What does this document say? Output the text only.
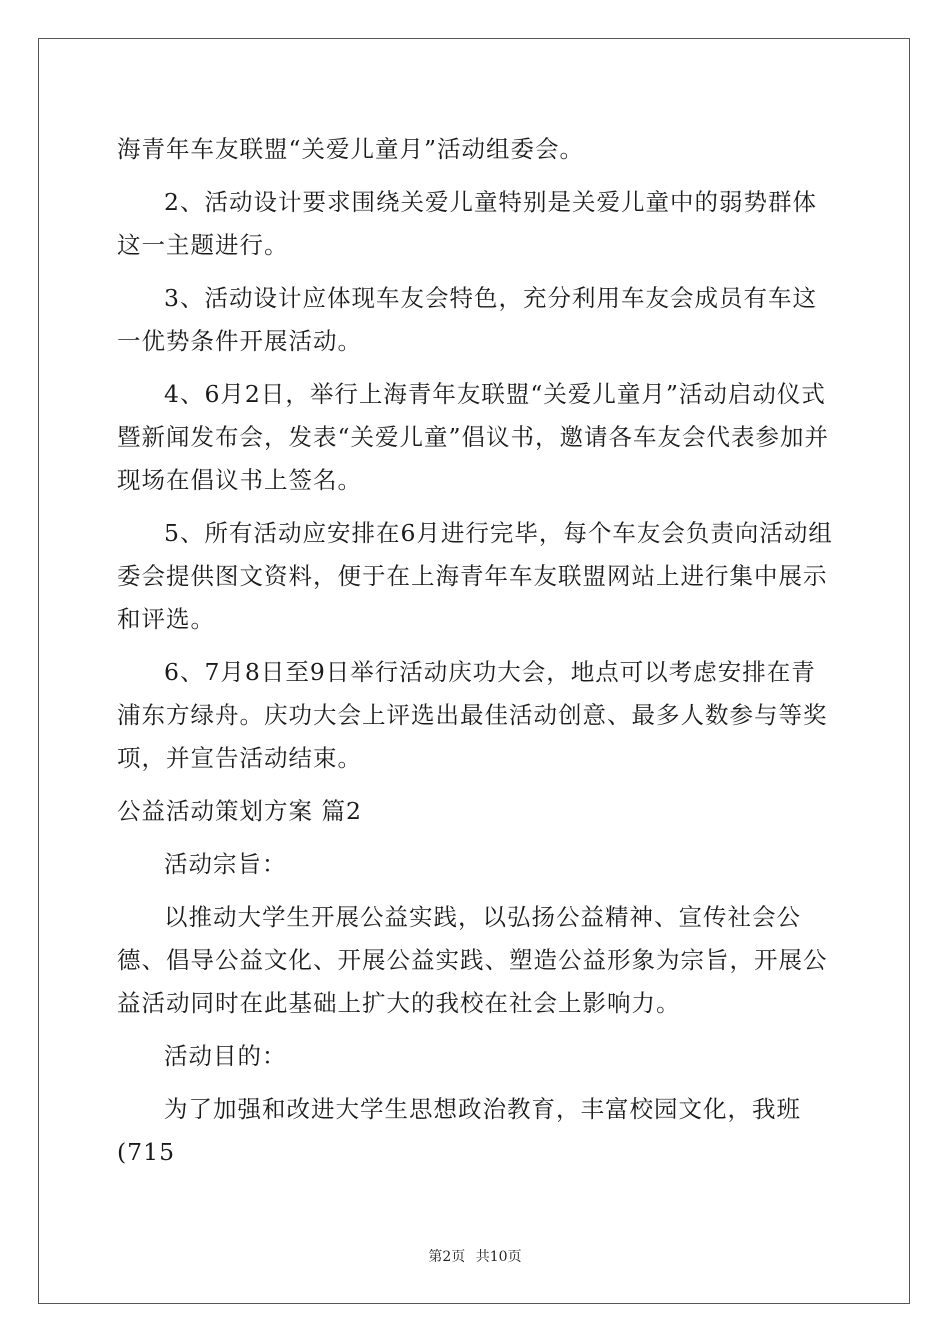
海青年车友联盟“关爱儿童月”活动组委会。

2、活动设计要求围绕关爱儿童特别是关爱儿童中的弱势群体这一主题进行。

3、活动设计应体现车友会特色，充分利用车友会成员有车这一优势条件开展活动。

4、6月2日，举行上海青年友联盟“关爱儿童月”活动启动仪式暨新闻发布会，发表“关爱儿童”倡议书，邀请各车友会代表参加并现场在倡议书上签名。

5、所有活动应安排在6月进行完毕，每个车友会负责向活动组委会提供图文资料，便于在上海青年车友联盟网站上进行集中展示和评选。

6、7月8日至9日举行活动庆功大会，地点可以考虑安排在青浦东方绿舟。庆功大会上评选出最佳活动创意、最多人数参与等奖项，并宣告活动结束。

公益活动策划方案 篇2

活动宗旨：

以推动大学生开展公益实践，以弘扬公益精神、宣传社会公德、倡导公益文化、开展公益实践、塑造公益形象为宗旨，开展公益活动同时在此基础上扩大的我校在社会上影响力。

活动目的：

为了加强和改进大学生思想政治教育，丰富校园文化，我班(715

第2页 共10页
